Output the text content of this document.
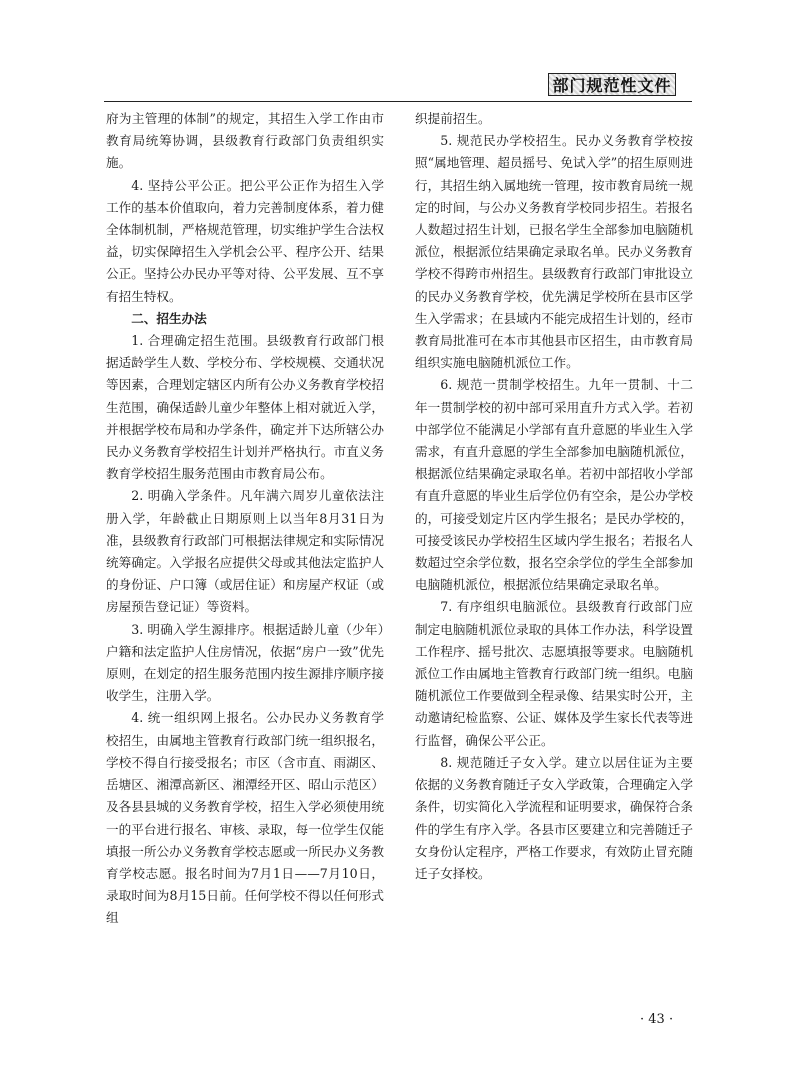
部门规范性文件

府为主管理的体制”的规定，其招生入学工作由市教育局统筹协调，县级教育行政部门负责组织实施。

4. 坚持公平公正。把公平公正作为招生入学工作的基本价值取向，着力完善制度体系，着力健全体制机制，严格规范管理，切实维护学生合法权益，切实保障招生入学机会公平、程序公开、结果公正。坚持公办民办平等对待、公平发展、互不享有招生特权。

二、招生办法

1. 合理确定招生范围。县级教育行政部门根据适龄学生人数、学校分布、学校规模、交通状况等因素，合理划定辖区内所有公办义务教育学校招生范围，确保适龄儿童少年整体上相对就近入学，并根据学校布局和办学条件，确定并下达所辖公办民办义务教育学校招生计划并严格执行。市直义务教育学校招生服务范围由市教育局公布。

2. 明确入学条件。凡年满六周岁儿童依法注册入学，年龄截止日期原则上以当年8月31日为准，县级教育行政部门可根据法律规定和实际情况统筹确定。入学报名应提供父母或其他法定监护人的身份证、户口簿（或居住证）和房屋产权证（或房屋预告登记证）等资料。

3. 明确入学生源排序。根据适龄儿童（少年）户籍和法定监护人住房情况，依据“房户一致”优先原则，在划定的招生服务范围内按生源排序顺序接收学生，注册入学。

4. 统一组织网上报名。公办民办义务教育学校招生，由属地主管教育行政部门统一组织报名，学校不得自行接受报名；市区（含市直、雨湖区、岳塘区、湘潭高新区、湘潭经开区、昭山示范区）及各县县城的义务教育学校，招生入学必须使用统一的平台进行报名、审核、录取，每一位学生仅能填报一所公办义务教育学校志愿或一所民办义务教育学校志愿。报名时间为7月1日——7月10日，录取时间为8月15日前。任何学校不得以任何形式组

织提前招生。

5. 规范民办学校招生。民办义务教育学校按照“属地管理、超员摇号、免试入学”的招生原则进行，其招生纳入属地统一管理，按市教育局统一规定的时间，与公办义务教育学校同步招生。若报名人数超过招生计划，已报名学生全部参加电脑随机派位，根据派位结果确定录取名单。民办义务教育学校不得跨市州招生。县级教育行政部门审批设立的民办义务教育学校，优先满足学校所在县市区学生入学需求；在县域内不能完成招生计划的，经市教育局批准可在本市其他县市区招生，由市教育局组织实施电脑随机派位工作。

6. 规范一贯制学校招生。九年一贯制、十二年一贯制学校的初中部可采用直升方式入学。若初中部学位不能满足小学部有直升意愿的毕业生入学需求，有直升意愿的学生全部参加电脑随机派位，根据派位结果确定录取名单。若初中部招收小学部有直升意愿的毕业生后学位仍有空余，是公办学校的，可接受划定片区内学生报名；是民办学校的，可接受该民办学校招生区域内学生报名；若报名人数超过空余学位数，报名空余学位的学生全部参加电脑随机派位，根据派位结果确定录取名单。

7. 有序组织电脑派位。县级教育行政部门应制定电脑随机派位录取的具体工作办法，科学设置工作程序、摇号批次、志愿填报等要求。电脑随机派位工作由属地主管教育行政部门统一组织。电脑随机派位工作要做到全程录像、结果实时公开，主动邀请纪检监察、公证、媒体及学生家长代表等进行监督，确保公平公正。

8. 规范随迁子女入学。建立以居住证为主要依据的义务教育随迁子女入学政策，合理确定入学条件，切实简化入学流程和证明要求，确保符合条件的学生有序入学。各县市区要建立和完善随迁子女身份认定程序，严格工作要求，有效防止冒充随迁子女择校。

· 43 ·
